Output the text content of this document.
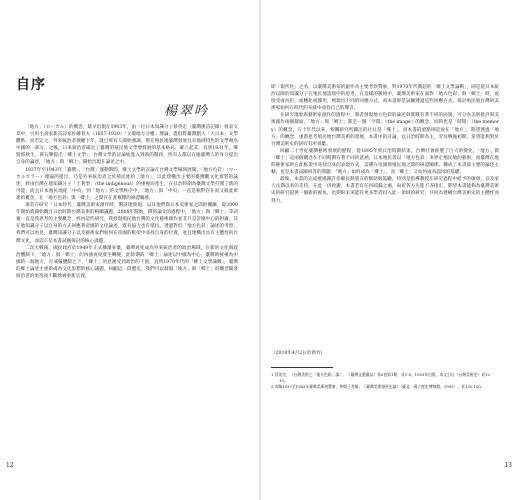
自序
楊翠吟

「地方」（ローカル）的概念，最早出現在1903年，由一位日本知識分子蔡英定（臺灣漢詩記錄）發表文章中，引用小說家新詩詩家佐藤春夫（1857-1930）「文壇地方分權」理論，提倡將臺灣劃入「大日本」文學體系，而若定之，外來統治者強權下年，就已經有人開始強調，將在殖民地臺灣發展具有地域特色的文學視為中國的一部分，之後，日本統治者確定了臺灣的殖民地文學要發展的基本格局，確立起其，直到1931年，鄉賢郭秋生、黃石輝提出「鄉土文學」，台灣文學的討論始進入到新的階段，所有人都以在地臺灣人的身分提出自身的論述，「地方」與「鄉土」開始出現在論述之中。

1927年至1943年「臺灣」，「台灣」運動期間，鄉土文學的討論在台灣文學場域展開。「地方色彩」（ローカルカラー）理論的提出，乃是外來統治者之於殖民地的「地方」，以此建構出主要的臺灣觀文化實質的論述，經由台灣在地知識分子「土著型」（the indigenous）的重視而產生，在日治時期為臺灣文學打開了新的可能，而且日本殖民地從「中央」到「地方」的文學秩序中，「地方」與「中央」一直是相對存在而又彼此牽連的概念，在「地方色彩」與「鄉土」之間存在著複雜的辯證關係。

筆者在研究「日本時代」臺灣美術家創作時，驚訝地發現，以及他們與日本美術家之間的關聯，從2000年開始就開始關注日治時期台灣美術的相關議題，2008年開始，撰寫論文的過程中，「地方」與「鄉土」等詞彙一直是我思考的主要概念，經由這些研究，我發現殖民地台灣的文化藝術創作並非只是帝國中心的附庸，其在地知識分子以自身的方式回應著帝國的文化論述，既有協力也有抵抗。透過對於「地方色彩」論述的考察，我們可以看見，臺灣知識分子以及藝術家們如何在帝國的框架中尋找自身的位置，並且建構出具有主體性的台灣文化，而這正是本書試圖探討的核心課題。

二次大戰後，國民政府於1949年正式播遷來臺，臺灣再度成為外來統治者的政治場域，在新的文化與政治體制下，「地方」與「鄉土」的內涵再度發生轉變，此時期的「鄉土」論述以中國為中心，臺灣則被視為中國的一個地方，在戒嚴體制之下，「鄉土」的意涵受到政治的干預，直到1970年代的「鄉土文學論戰」，臺灣的鄉土論述才重新成為文化思想的核心議題，回顧這一段歷史，我們可以發現「地方」與「鄉土」的概念隨著統治者的更迭而不斷地被重新定義。

12

即「現代化」之名，以臺灣美術家的創作為主要考察對象，對1970年代興起的「鄉土文學論戰」，則是從日本統治以降的知識分子在殖民地語境中的思考，在這樣的脈絡中，臺灣美術家在面對「地方色彩」與「鄉土」時，或接受或抗拒，或轉化或挪用，展現出不同的回應方式，而本書即是試圖透過這些回應方式，探討殖民地台灣的美術家如何在時代的夾縫中尋找自己的聲音。

在研究現象與藝術家創作的過程中，筆者發現地方色彩的論述與實踐有著不同的面貌，可分為美術批評與美術創作兩個層面，「地方」與「鄉土」都是一個「空間」（the image）的概念，同時也是「時間」（the memory）的概念，五十年代以來，相關研究所關注的往往是「鄉土」，而本書的重點則是放在「地方」，期望透過「地方」的概念，重新思考殖民地台灣美術的發展，本書中的討論，以日治時期為主，旁及戰後初期，希望能夠對於台灣美術史的研究有所貢獻。

回顧二十世紀臺灣藝術發展的歷程，從1895年到日治時期結束，台灣社會經歷了巨大的變化，「地方」與「鄉土」這兩個概念在不同時期有著不同的意涵，日本殖民者以「地方色彩」來界定殖民地的藝術，而臺灣在地的藝術家則在此框架中尋找自身的表現方式，這種在帝國與殖民地之間的辯證關係，構成了本書最主要的論述主軸，也是本書試圖回答的問題：「地方」如何成為「鄉土」，而「鄉土」又如何成為認同的基礎。

最後，本書的完成要感謝許多師長與朋友的幫助與鼓勵，特別是指導教授在研究過程中給予的啟發，以及家人長期以來的支持，在此一併致謝，本書若有任何疏漏之處，尚祈各方先進不吝指正，期望本書能夠為臺灣美術史的研究提供一個新的視角，也期盼未來能有更多學者投入此一領域的研究，共同為建構台灣美術史的主體性而努力。

（2018年4月2日於新竹)
1 蔡英定，〈台灣美術之「地方色彩」論〉，《臺灣文藝叢誌》第5卷第1期，頁1-8，1903年出版，本文引自《台灣美術史》頁12-13。
2 有關1927至1943年臺灣美術展覽會，參閱王秀雄，《臺灣美術發展史論》（臺北：國立歷史博物館，1995），頁135-150。
13
